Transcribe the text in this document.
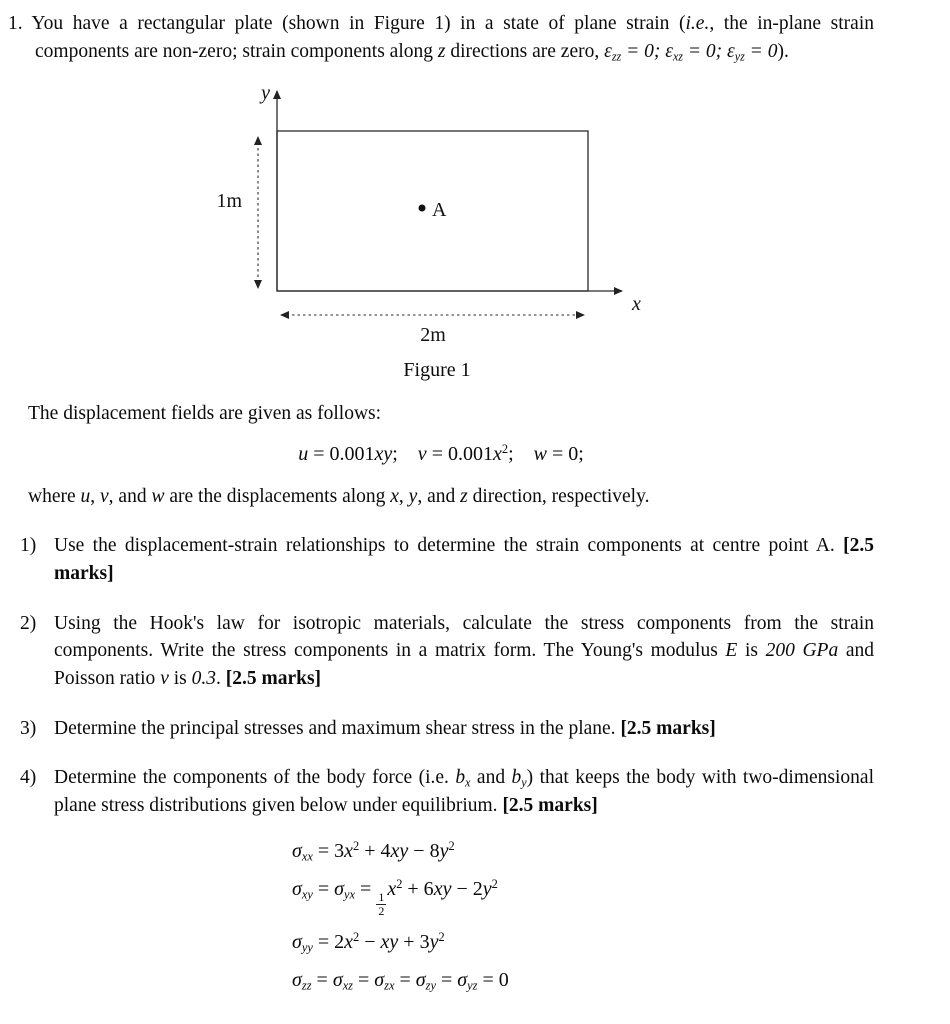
1. You have a rectangular plate (shown in Figure 1) in a state of plane strain (i.e., the in-plane strain components are non-zero; strain components along z directions are zero, $\varepsilon_{zz} = 0$; $\varepsilon_{xz} = 0$; $\varepsilon_{yz} = 0$).

y
x
1m	A
2m
Figure 1

The displacement fields are given as follows:

u = 0.001xy;    $v = 0.001x^2$;    w = 0;

where u, v, and w are the displacements along x, y, and z direction, respectively.

1) Use the displacement-strain relationships to determine the strain components at centre point A. [2.5 marks]
2) Using the Hook's law for isotropic materials, calculate the stress components from the strain components. Write the stress components in a matrix form. The Young's modulus E is 200 GPa and Poisson ratio ν is 0.3. [2.5 marks]
3) Determine the principal stresses and maximum shear stress in the plane. [2.5 marks]
4) Determine the components of the body force (i.e. $b_x$ and $b_y$) that keeps the body with two-dimensional plane stress distributions given below under equilibrium. [2.5 marks]
$\sigma_{xx} = 3x^2 + 4xy - 8y^2$
$\sigma_{xy} = \sigma_{yx}$ =
$\frac{1}{2}$
$x^2 + 6xy - 2y^2$
$\sigma_{yy} = 2x^2$ − xy + $3y^2$
$\sigma_{zz} = \sigma_{xz} = \sigma_{zx} = \sigma_{zy} = \sigma_{yz} = 0$
